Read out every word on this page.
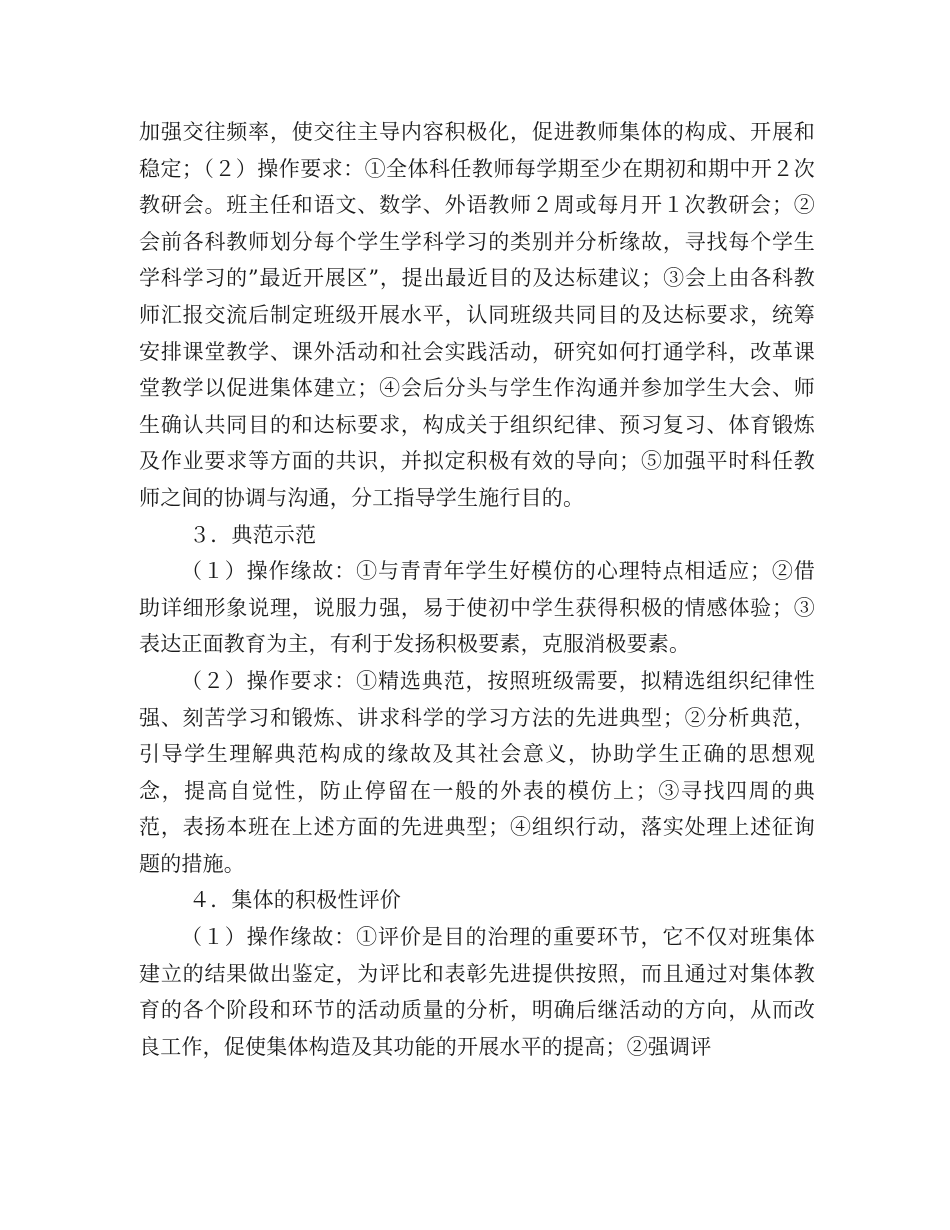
加强交往频率，使交往主导内容积极化，促进教师集体的构成、开展和稳定；（２）操作要求：①全体科任教师每学期至少在期初和期中开２次教研会。班主任和语文、数学、外语教师２周或每月开１次教研会；②会前各科教师划分每个学生学科学习的类别并分析缘故，寻找每个学生学科学习的”最近开展区”，提出最近目的及达标建议；③会上由各科教师汇报交流后制定班级开展水平，认同班级共同目的及达标要求，统筹安排课堂教学、课外活动和社会实践活动，研究如何打通学科，改革课堂教学以促进集体建立；④会后分头与学生作沟通并参加学生大会、师生确认共同目的和达标要求，构成关于组织纪律、预习复习、体育锻炼及作业要求等方面的共识，并拟定积极有效的导向；⑤加强平时科任教师之间的协调与沟通，分工指导学生施行目的。

３．典范示范

（１）操作缘故：①与青青年学生好模仿的心理特点相适应；②借助详细形象说理，说服力强，易于使初中学生获得积极的情感体验；③表达正面教育为主，有利于发扬积极要素，克服消极要素。

（２）操作要求：①精选典范，按照班级需要，拟精选组织纪律性强、刻苦学习和锻炼、讲求科学的学习方法的先进典型；②分析典范，引导学生理解典范构成的缘故及其社会意义，协助学生正确的思想观念，提高自觉性，防止停留在一般的外表的模仿上；③寻找四周的典范，表扬本班在上述方面的先进典型；④组织行动，落实处理上述征询题的措施。

４．集体的积极性评价

（１）操作缘故：①评价是目的治理的重要环节，它不仅对班集体建立的结果做出鉴定，为评比和表彰先进提供按照，而且通过对集体教育的各个阶段和环节的活动质量的分析，明确后继活动的方向，从而改良工作，促使集体构造及其功能的开展水平的提高；②强调评
